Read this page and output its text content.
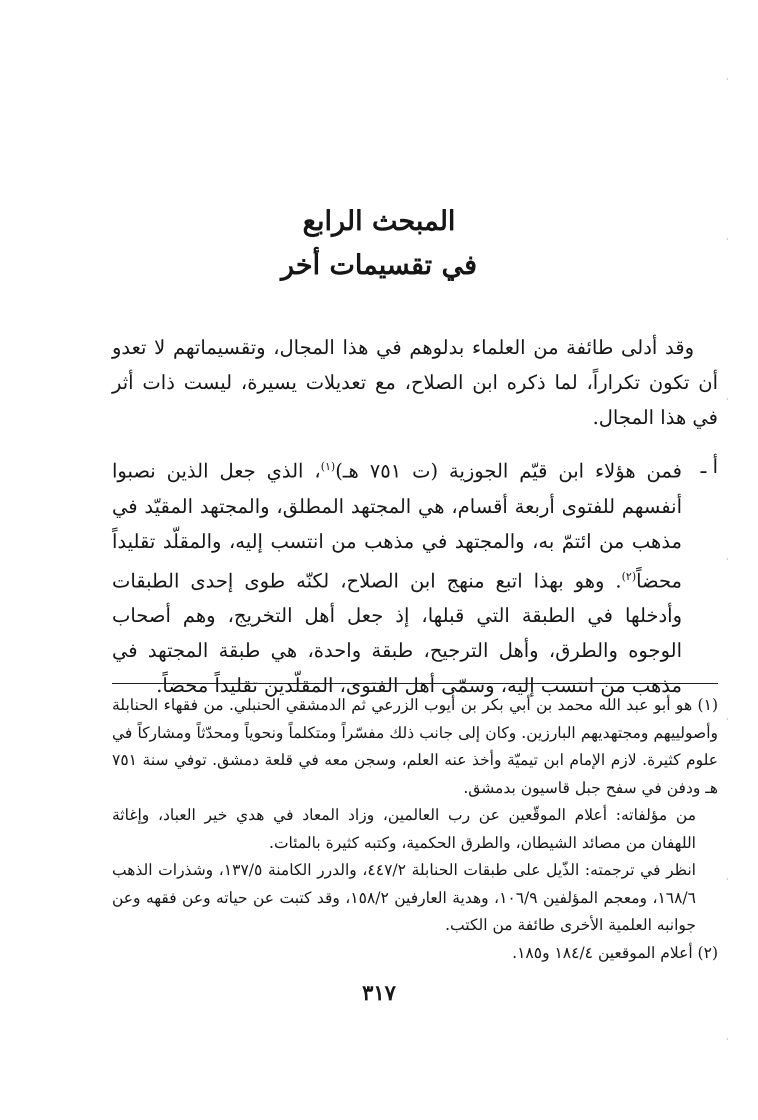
·
·
·
·
·
·
·
المبحث الرابع
في تقسيمات أخر

وقد أدلى طائفة من العلماء بدلوهم في هذا المجال، وتقسيماتهم لا تعدو أن تكون تكراراً، لما ذكره ابن الصلاح، مع تعديلات يسيرة، ليست ذات أثر في هذا المجال.

أ ـ
فمن هؤلاء ابن قيّم الجوزية (ت ٧٥١ هـ)$^{(١)}$، الذي جعل الذين نصبوا أنفسهم للفتوى أربعة أقسام، هي المجتهد المطلق، والمجتهد المقيّد في مذهب من ائتمّ به، والمجتهد في مذهب من انتسب إليه، والمقلّد تقليداً محضاً$^{(٢)}$. وهو بهذا اتبع منهج ابن الصلاح، لكنّه طوى إحدى الطبقات وأدخلها في الطبقة التي قبلها، إذ جعل أهل التخريج، وهم أصحاب الوجوه والطرق، وأهل الترجيح، طبقة واحدة، هي طبقة المجتهد في مذهب من انتسب إليه، وسمّى أهل الفتوى، المقلّدين تقليداً محضاً.

(١) هو أبو عبد الله محمد بن أبي بكر بن أيوب الزرعي ثم الدمشقي الحنبلي. من فقهاء الحنابلة وأصولييهم ومجتهديهم البارزين. وكان إلى جانب ذلك مفسّراً ومتكلماً ونحوياً ومحدّثاً ومشاركاً في علوم كثيرة. لازم الإمام ابن تيميّة وأخذ عنه العلم، وسجن معه في قلعة دمشق. توفي سنة ٧٥١ هـ ودفن في سفح جبل قاسيون بدمشق.

من مؤلفاته: أعلام الموقّعين عن رب العالمين، وزاد المعاد في هدي خير العباد، وإغاثة اللهفان من مصائد الشيطان، والطرق الحكمية، وكتبه كثيرة بالمئات.

انظر في ترجمته: الذّيل على طبقات الحنابلة ٤٤٧/٢، والدرر الكامنة ١٣٧/٥، وشذرات الذهب ١٦٨/٦، ومعجم المؤلفين ١٠٦/٩، وهدية العارفين ١٥٨/٢، وقد كتبت عن حياته وعن فقهه وعن جوانبه العلمية الأخرى طائفة من الكتب.

(٢) أعلام الموقعين ١٨٤/٤ و١٨٥.

٣١٧
